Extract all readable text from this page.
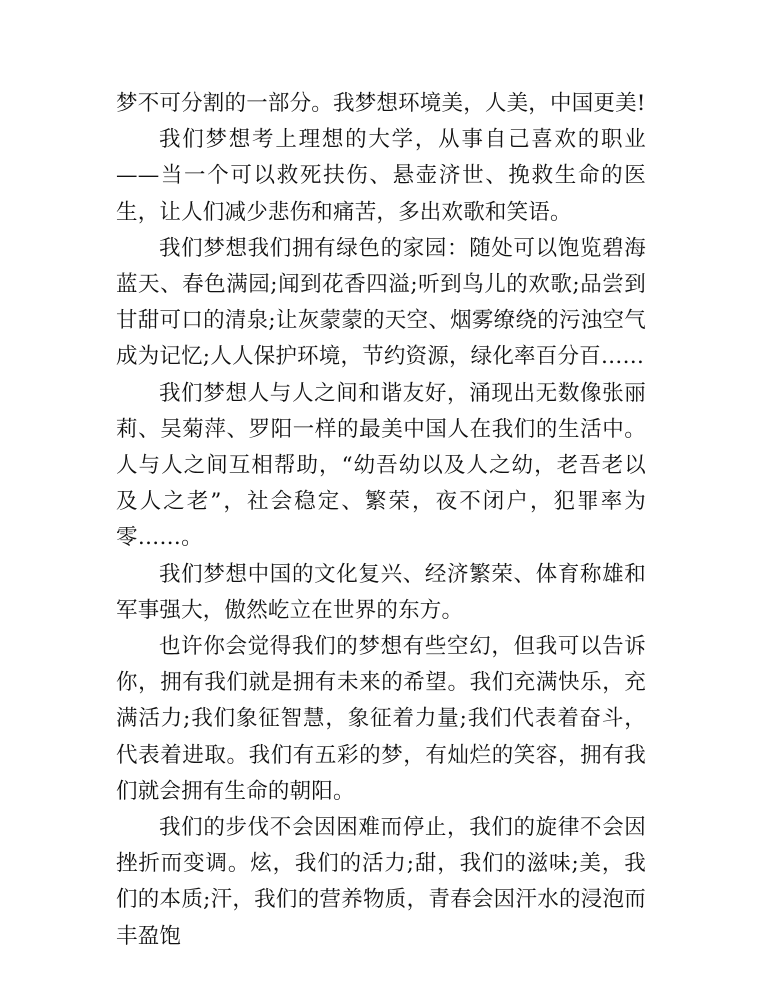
梦不可分割的一部分。我梦想环境美，人美，中国更美!

我们梦想考上理想的大学，从事自己喜欢的职业——当一个可以救死扶伤、悬壶济世、挽救生命的医生，让人们减少悲伤和痛苦，多出欢歌和笑语。

我们梦想我们拥有绿色的家园：随处可以饱览碧海蓝天、春色满园;闻到花香四溢;听到鸟儿的欢歌;品尝到甘甜可口的清泉;让灰蒙蒙的天空、烟雾缭绕的污浊空气成为记忆;人人保护环境，节约资源，绿化率百分百……

我们梦想人与人之间和谐友好，涌现出无数像张丽莉、吴菊萍、罗阳一样的最美中国人在我们的生活中。人与人之间互相帮助，“幼吾幼以及人之幼，老吾老以及人之老”，社会稳定、繁荣，夜不闭户，犯罪率为零……。

我们梦想中国的文化复兴、经济繁荣、体育称雄和军事强大，傲然屹立在世界的东方。

也许你会觉得我们的梦想有些空幻，但我可以告诉你，拥有我们就是拥有未来的希望。我们充满快乐，充满活力;我们象征智慧，象征着力量;我们代表着奋斗，代表着进取。我们有五彩的梦，有灿烂的笑容，拥有我们就会拥有生命的朝阳。

我们的步伐不会因困难而停止，我们的旋律不会因挫折而变调。炫，我们的活力;甜，我们的滋味;美，我们的本质;汗，我们的营养物质，青春会因汗水的浸泡而丰盈饱
